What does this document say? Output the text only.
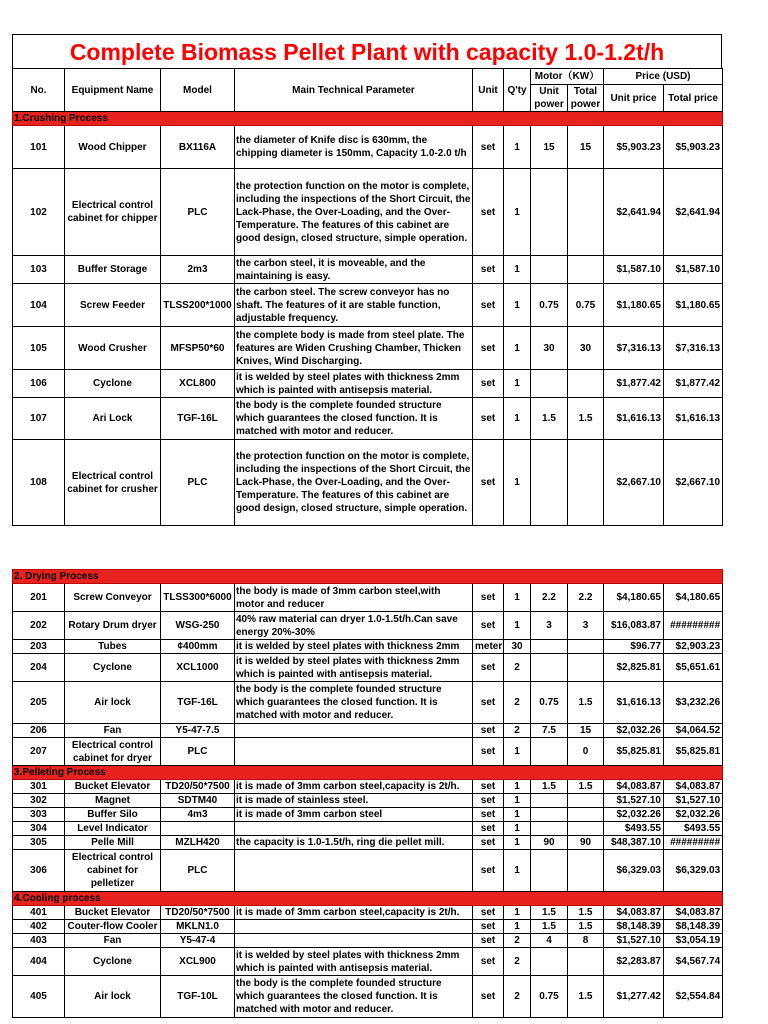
Complete Biomass Pellet Plant with capacity 1.0-1.2t/h
No.	Equipment Name	Model	Main Technical Parameter	Unit	Q'ty	Motor（KW）		Price (USD)	
						Unit power	Total power	Unit price	Total price
1.Crushing Process									
101	Wood Chipper	BX116A	the diameter of Knife disc is 630mm, the chipping diameter is 150mm, Capacity 1.0-2.0 t/h	set	1	15	15	$5,903.23	$5,903.23
102	Electrical control cabinet for chipper	PLC	the protection function on the motor is complete, including the inspections of the Short Circuit, the Lack-Phase, the Over-Loading, and the Over-Temperature. The features of this cabinet are good design, closed structure, simple operation.	set	1			$2,641.94	$2,641.94
103	Buffer Storage	2m3	the carbon steel, it is moveable, and the maintaining is easy.	set	1			$1,587.10	$1,587.10
104	Screw Feeder	TLSS200*1000	the carbon steel. The screw conveyor has no shaft. The features of it are stable function, adjustable frequency.	set	1	0.75	0.75	$1,180.65	$1,180.65
105	Wood Crusher	MFSP50*60	the complete body is made from steel plate. The features are Widen Crushing Chamber, Thicken Knives, Wind Discharging.	set	1	30	30	$7,316.13	$7,316.13
106	Cyclone	XCL800	it is welded by steel plates with thickness 2mm which is painted with antisepsis material.	set	1			$1,877.42	$1,877.42
107	Ari Lock	TGF-16L	the body is the complete founded structure which guarantees the closed function. It is matched with motor and reducer.	set	1	1.5	1.5	$1,616.13	$1,616.13
108	Electrical control cabinet for crusher	PLC	the protection function on the motor is complete, including the inspections of the Short Circuit, the Lack-Phase, the Over-Loading, and the Over-Temperature. The features of this cabinet are good design, closed structure, simple operation.	set	1			$2,667.10	$2,667.10
2. Drying Process									
201	Screw Conveyor	TLSS300*6000	the body is made of 3mm carbon steel,with motor and reducer	set	1	2.2	2.2	$4,180.65	$4,180.65
202	Rotary Drum dryer	WSG-250	40% raw material can dryer 1.0-1.5t/h.Can save energy 20%-30%	set	1	3	3	$16,083.87	#########
203	Tubes	¢400mm	it is welded by steel plates with thickness 2mm	meter	30			$96.77	$2,903.23
204	Cyclone	XCL1000	it is welded by steel plates with thickness 2mm which is painted with antisepsis material.	set	2			$2,825.81	$5,651.61
205	Air lock	TGF-16L	the body is the complete founded structure which guarantees the closed function. It is matched with motor and reducer.	set	2	0.75	1.5	$1,616.13	$3,232.26
206	Fan	Y5-47-7.5		set	2	7.5	15	$2,032.26	$4,064.52
207	Electrical control cabinet for dryer	PLC		set	1		0	$5,825.81	$5,825.81
3.Pelleting Process									
301	Bucket Elevator	TD20/50*7500	it is made of 3mm carbon steel,capacity is 2t/h.	set	1	1.5	1.5	$4,083.87	$4,083.87
302	Magnet	SDTM40	it is made of stainless steel.	set	1			$1,527.10	$1,527.10
303	Buffer Silo	4m3	it is made of 3mm carbon steel	set	1			$2,032.26	$2,032.26
304	Level Indicator			set	1			$493.55	$493.55
305	Pelle Mill	MZLH420	the capacity is 1.0-1.5t/h, ring die pellet mill.	set	1	90	90	$48,387.10	#########
306	Electrical control cabinet for pelletizer	PLC		set	1			$6,329.03	$6,329.03
4.Cooling process									
401	Bucket Elevator	TD20/50*7500	it is made of 3mm carbon steel,capacity is 2t/h.	set	1	1.5	1.5	$4,083.87	$4,083.87
402	Couter-flow Cooler	MKLN1.0		set	1	1.5	1.5	$8,148.39	$8,148.39
403	Fan	Y5-47-4		set	2	4	8	$1,527.10	$3,054.19
404	Cyclone	XCL900	it is welded by steel plates with thickness 2mm which is painted with antisepsis material.	set	2			$2,283.87	$4,567.74
405	Air lock	TGF-10L	the body is the complete founded structure which guarantees the closed function. It is matched with motor and reducer.	set	2	0.75	1.5	$1,277.42	$2,554.84
